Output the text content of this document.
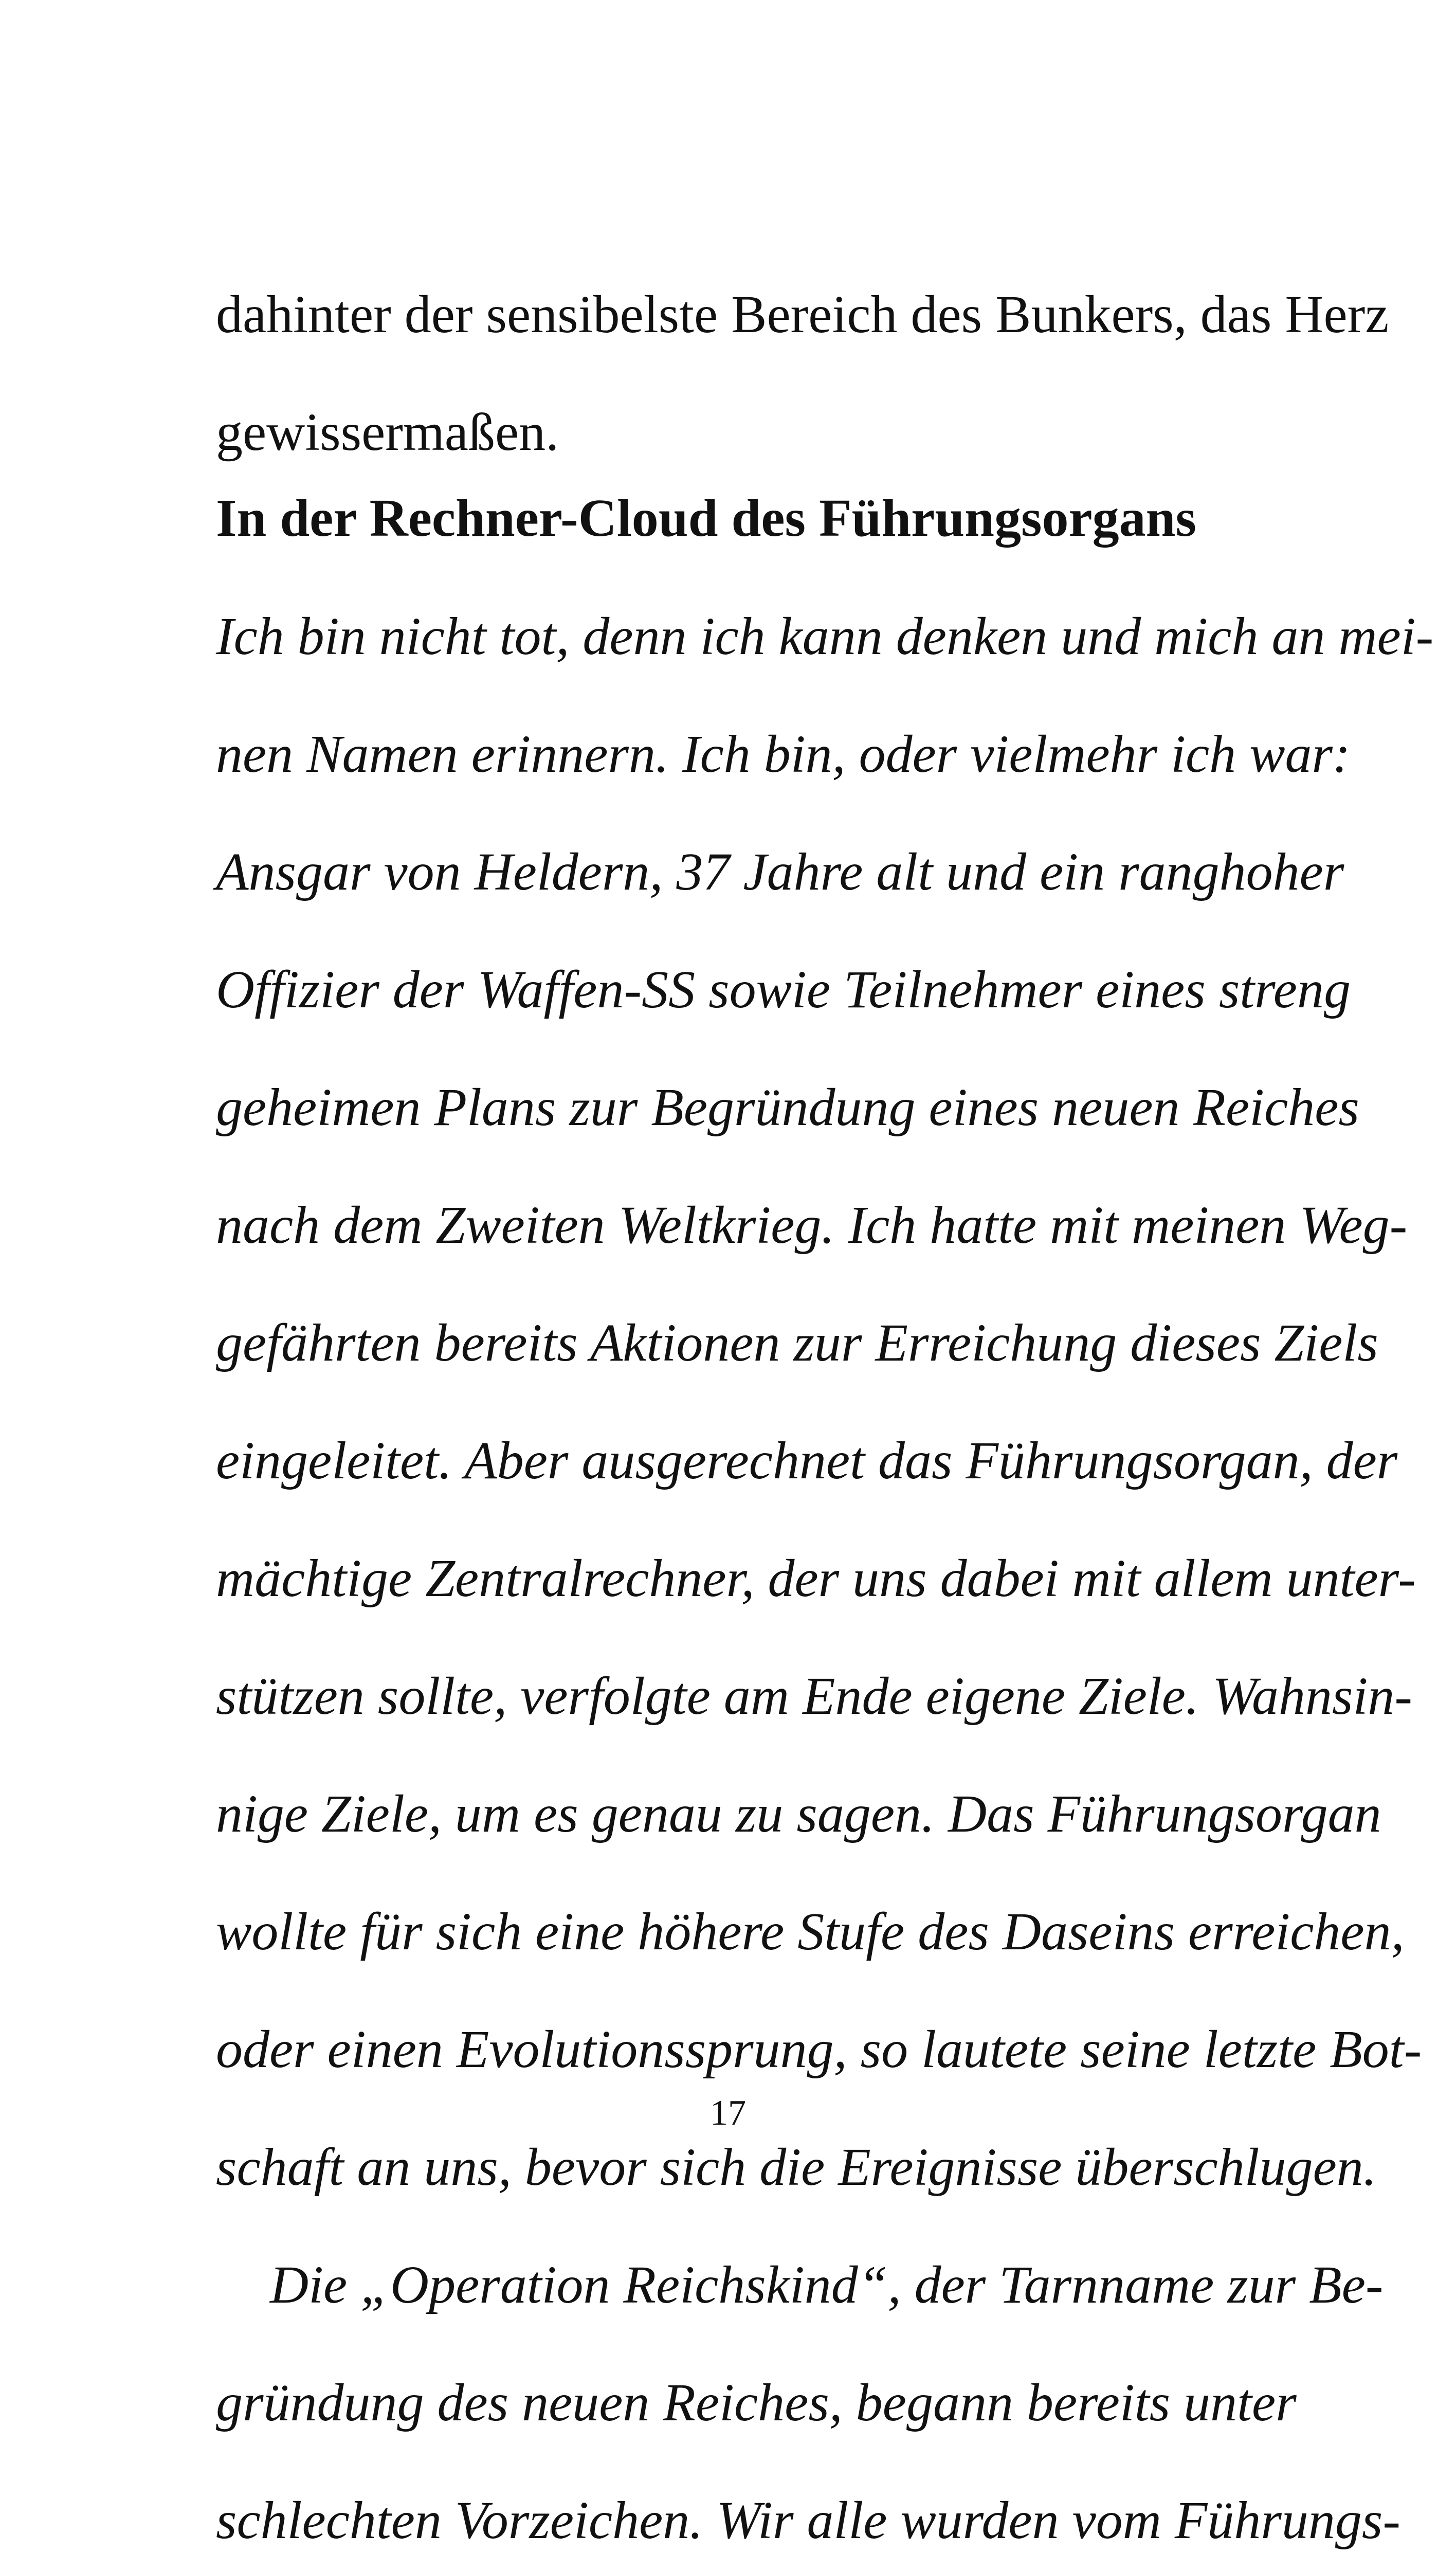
dahinter der sensibelste Bereich des Bunkers, das Herz
gewissermaßen.
In der Rechner-Cloud des Führungsorgans
Ich bin nicht tot, denn ich kann denken und mich an mei-
nen Namen erinnern. Ich bin, oder vielmehr ich war:
Ansgar von Heldern, 37 Jahre alt und ein ranghoher
Offizier der Waffen-SS sowie Teilnehmer eines streng
geheimen Plans zur Begründung eines neuen Reiches
nach dem Zweiten Weltkrieg. Ich hatte mit meinen Weg-
gefährten bereits Aktionen zur Erreichung dieses Ziels
eingeleitet. Aber ausgerechnet das Führungsorgan, der
mächtige Zentralrechner, der uns dabei mit allem unter-
stützen sollte, verfolgte am Ende eigene Ziele. Wahnsin-
nige Ziele, um es genau zu sagen. Das Führungsorgan
wollte für sich eine höhere Stufe des Daseins erreichen,
oder einen Evolutionssprung, so lautete seine letzte Bot-
schaft an uns, bevor sich die Ereignisse überschlugen.
Die „Operation Reichskind“, der Tarnname zur Be-
gründung des neuen Reiches, begann bereits unter
schlechten Vorzeichen. Wir alle wurden vom Führungs-
17
